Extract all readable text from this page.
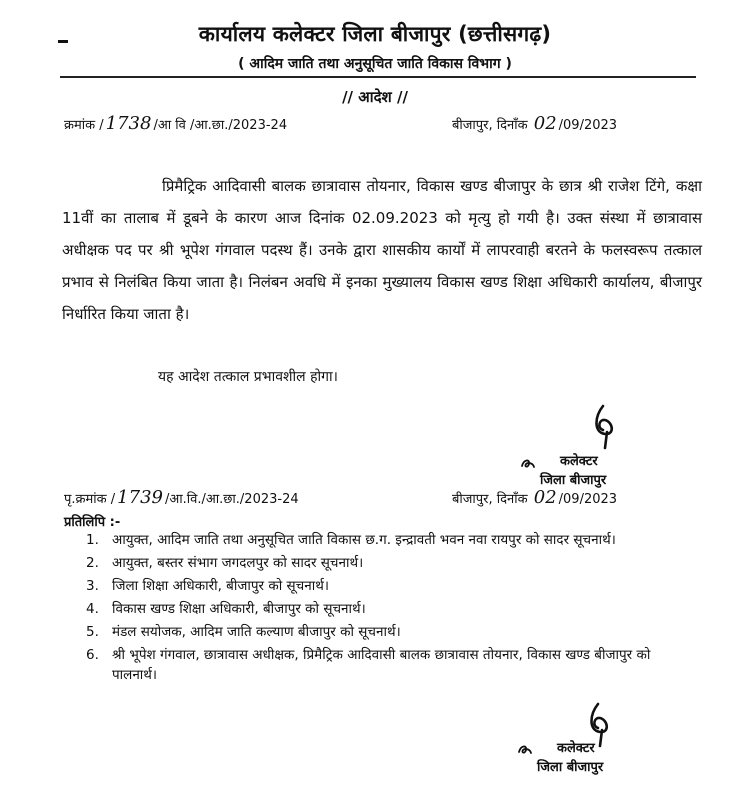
कार्यालय कलेक्टर जिला बीजापुर (छत्तीसगढ़)
( आदिम जाति तथा अनुसूचित जाति विकास विभाग )
// आदेश //
क्रमांक / 1738 /आ वि /आ.छा./2023-24	बीजापुर, दिनाँक 02 /09/2023
प्रिमैट्रिक आदिवासी बालक छात्रावास तोयनार, विकास खण्ड बीजापुर के छात्र श्री राजेश टिंगे, कक्षा 11वीं का तालाब में डूबने के कारण आज दिनांक 02.09.2023 को मृत्यु हो गयी है। उक्त संस्था में छात्रावास अधीक्षक पद पर श्री भूपेश गंगवाल पदस्थ हैं। उनके द्वारा शासकीय कार्यों में लापरवाही बरतने के फलस्वरूप तत्काल प्रभाव से निलंबित किया जाता है। निलंबन अवधि में इनका मुख्यालय विकास खण्ड शिक्षा अधिकारी कार्यालय, बीजापुर निर्धारित किया जाता है।
यह आदेश तत्काल प्रभावशील होगा।
कलेक्टर
जिला बीजापुर
पृ.क्रमांक / 1739 /आ.वि./आ.छा./2023-24	बीजापुर, दिनाँक 02 /09/2023
प्रतिलिपि :-
1. आयुक्त, आदिम जाति तथा अनुसूचित जाति विकास छ.ग. इन्द्रावती भवन नवा रायपुर को सादर सूचनार्थ।
2. आयुक्त, बस्तर संभाग जगदलपुर को सादर सूचनार्थ।
3. जिला शिक्षा अधिकारी, बीजापुर को सूचनार्थ।
4. विकास खण्ड शिक्षा अधिकारी, बीजापुर को सूचनार्थ।
5. मंडल सयोजक, आदिम जाति कल्याण बीजापुर को सूचनार्थ।
6. श्री भूपेश गंगवाल, छात्रावास अधीक्षक, प्रिमैट्रिक आदिवासी बालक छात्रावास तोयनार, विकास खण्ड बीजापुर को पालनार्थ।
कलेक्टर
जिला बीजापुर
